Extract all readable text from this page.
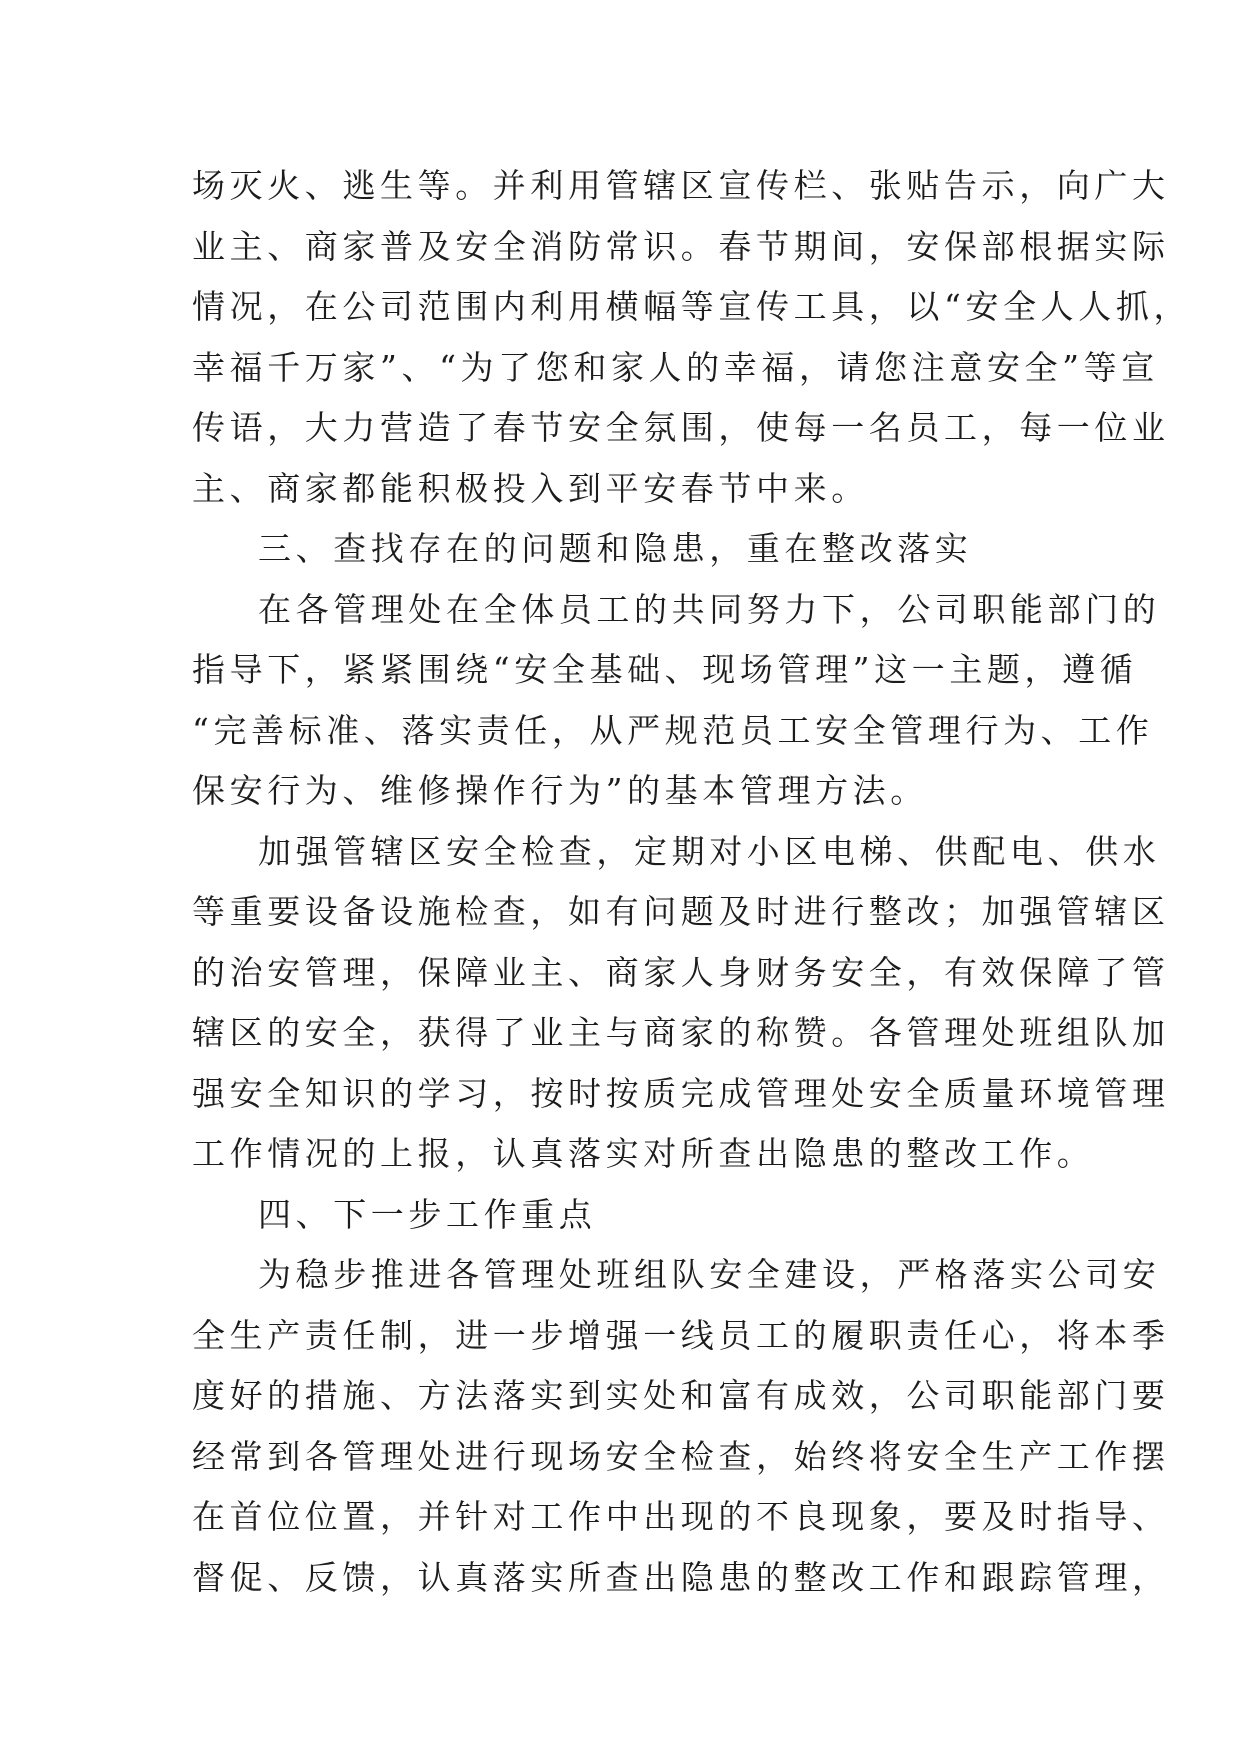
场灭火、逃生等。并利用管辖区宣传栏、张贴告示，向广大
业主、商家普及安全消防常识。春节期间，安保部根据实际
情况，在公司范围内利用横幅等宣传工具，以“安全人人抓，
幸福千万家”、“为了您和家人的幸福，请您注意安全”等宣
传语，大力营造了春节安全氛围，使每一名员工，每一位业
主、商家都能积极投入到平安春节中来。
三、查找存在的问题和隐患，重在整改落实
在各管理处在全体员工的共同努力下，公司职能部门的
指导下，紧紧围绕“安全基础、现场管理”这一主题，遵循
“完善标准、落实责任，从严规范员工安全管理行为、工作
保安行为、维修操作行为”的基本管理方法。
加强管辖区安全检查，定期对小区电梯、供配电、供水
等重要设备设施检查，如有问题及时进行整改；加强管辖区
的治安管理，保障业主、商家人身财务安全，有效保障了管
辖区的安全，获得了业主与商家的称赞。各管理处班组队加
强安全知识的学习，按时按质完成管理处安全质量环境管理
工作情况的上报，认真落实对所查出隐患的整改工作。
四、下一步工作重点
为稳步推进各管理处班组队安全建设，严格落实公司安
全生产责任制，进一步增强一线员工的履职责任心，将本季
度好的措施、方法落实到实处和富有成效，公司职能部门要
经常到各管理处进行现场安全检查，始终将安全生产工作摆
在首位位置，并针对工作中出现的不良现象，要及时指导、
督促、反馈，认真落实所查出隐患的整改工作和跟踪管理，
